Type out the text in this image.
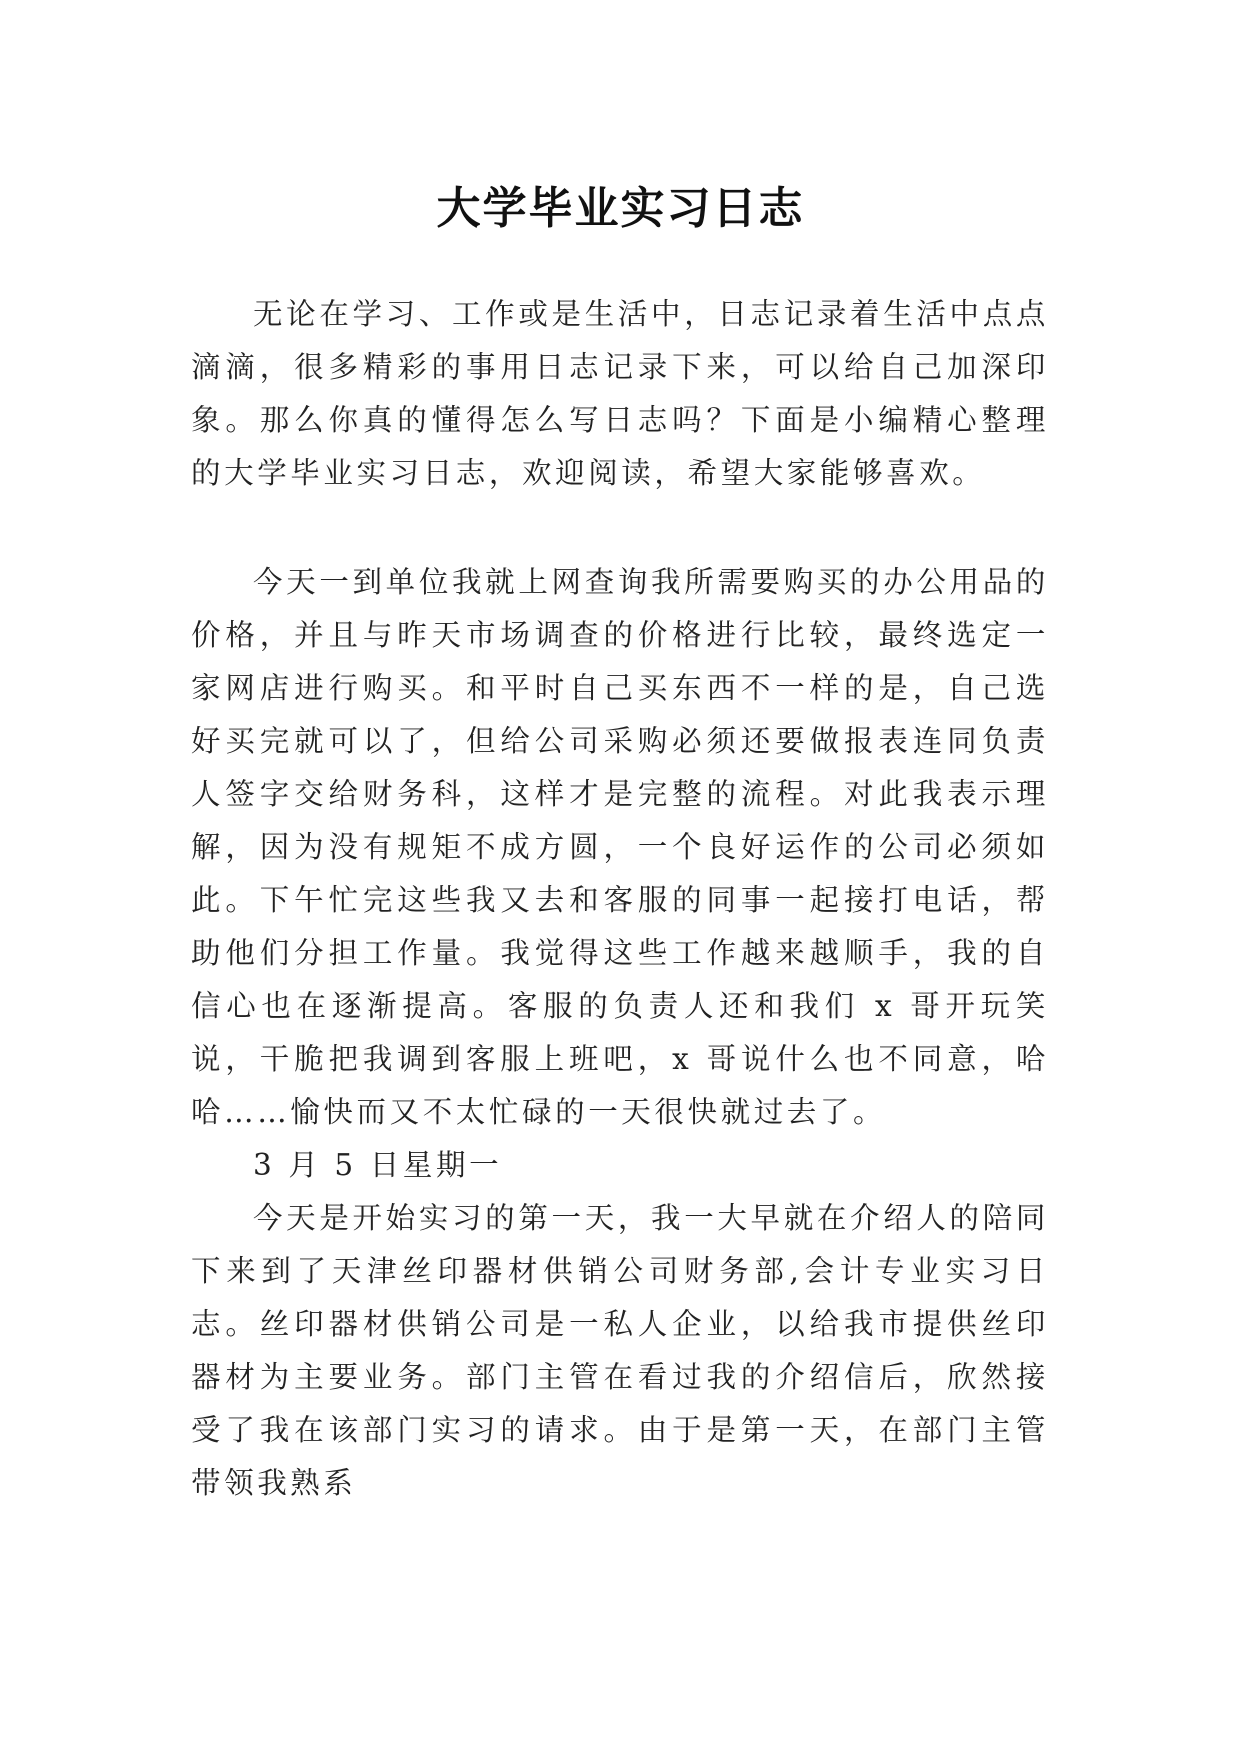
大学毕业实习日志

无论在学习、工作或是生活中，日志记录着生活中点点滴滴，很多精彩的事用日志记录下来，可以给自己加深印象。那么你真的懂得怎么写日志吗？下面是小编精心整理的大学毕业实习日志，欢迎阅读，希望大家能够喜欢。

今天一到单位我就上网查询我所需要购买的办公用品的价格，并且与昨天市场调查的价格进行比较，最终选定一家网店进行购买。和平时自己买东西不一样的是，自己选好买完就可以了，但给公司采购必须还要做报表连同负责人签字交给财务科，这样才是完整的流程。对此我表示理解，因为没有规矩不成方圆，一个良好运作的公司必须如此。下午忙完这些我又去和客服的同事一起接打电话，帮助他们分担工作量。我觉得这些工作越来越顺手，我的自信心也在逐渐提高。客服的负责人还和我们 x 哥开玩笑说，干脆把我调到客服上班吧，x 哥说什么也不同意，哈哈……愉快而又不太忙碌的一天很快就过去了。

3 月 5 日星期一

今天是开始实习的第一天，我一大早就在介绍人的陪同下来到了天津丝印器材供销公司财务部,会计专业实习日志。丝印器材供销公司是一私人企业，以给我市提供丝印器材为主要业务。部门主管在看过我的介绍信后，欣然接受了我在该部门实习的请求。由于是第一天，在部门主管带领我熟系
